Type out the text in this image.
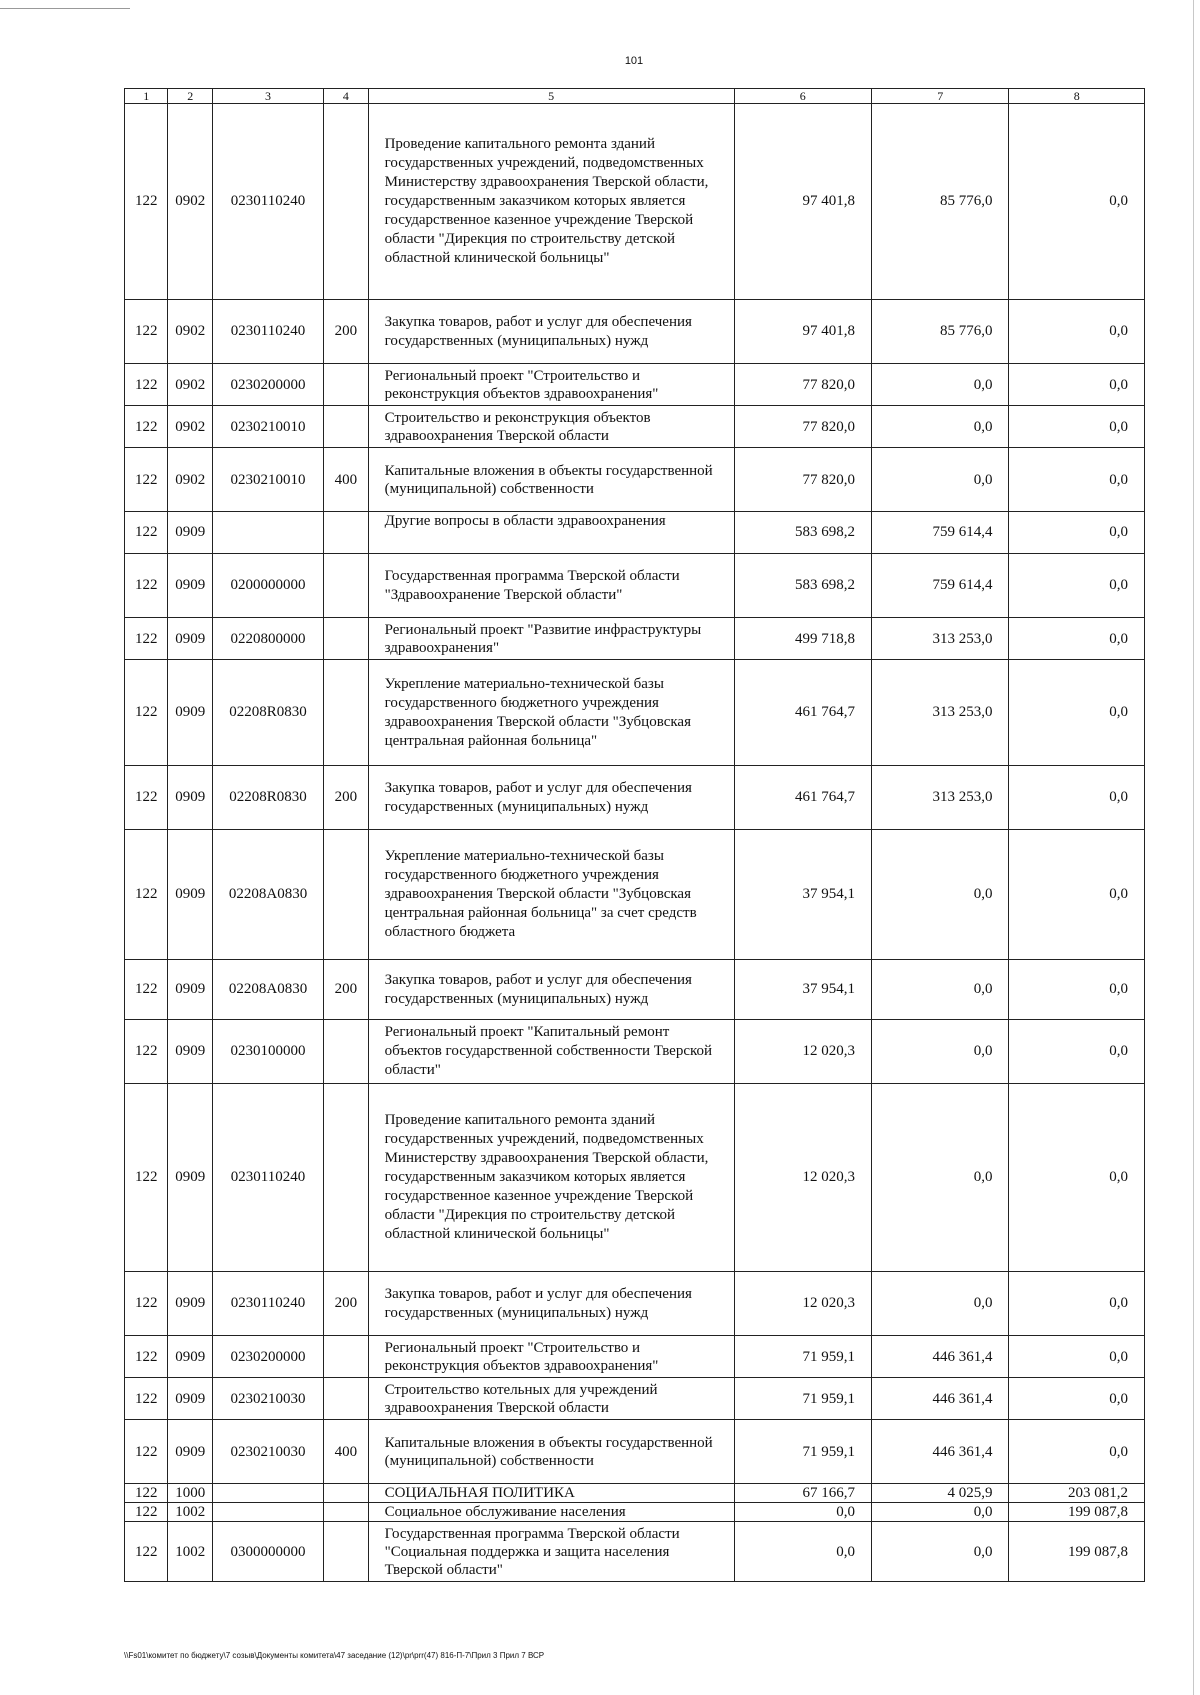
101
1	2	3	4	5	6	7	8
122	0902	0230110240		Проведение капитального ремонта зданий государственных учреждений, подведомственных Министерству здравоохранения Тверской области, государственным заказчиком которых является государственное казенное учреждение Тверской области "Дирекция по строительству детской областной клинической больницы"	97 401,8	85 776,0	0,0
122	0902	0230110240	200	Закупка товаров, работ и услуг для обеспечения государственных (муниципальных) нужд	97 401,8	85 776,0	0,0
122	0902	0230200000		Региональный проект "Строительство и реконструкция объектов здравоохранения"	77 820,0	0,0	0,0
122	0902	0230210010		Строительство и реконструкция объектов здравоохранения Тверской области	77 820,0	0,0	0,0
122	0902	0230210010	400	Капитальные вложения в объекты государственной (муниципальной) собственности	77 820,0	0,0	0,0
122	0909			Другие вопросы в области здравоохранения	583 698,2	759 614,4	0,0
122	0909	0200000000		Государственная программа Тверской области "Здравоохранение Тверской области"	583 698,2	759 614,4	0,0
122	0909	0220800000		Региональный проект "Развитие инфраструктуры здравоохранения"	499 718,8	313 253,0	0,0
122	0909	02208R0830		Укрепление материально-технической базы государственного бюджетного учреждения здравоохранения Тверской области "Зубцовская центральная районная больница"	461 764,7	313 253,0	0,0
122	0909	02208R0830	200	Закупка товаров, работ и услуг для обеспечения государственных (муниципальных) нужд	461 764,7	313 253,0	0,0
122	0909	02208A0830		Укрепление материально-технической базы государственного бюджетного учреждения здравоохранения Тверской области "Зубцовская центральная районная больница" за счет средств областного бюджета	37 954,1	0,0	0,0
122	0909	02208A0830	200	Закупка товаров, работ и услуг для обеспечения государственных (муниципальных) нужд	37 954,1	0,0	0,0
122	0909	0230100000		Региональный проект "Капитальный ремонт объектов государственной собственности Тверской области"	12 020,3	0,0	0,0
122	0909	0230110240		Проведение капитального ремонта зданий государственных учреждений, подведомственных Министерству здравоохранения Тверской области, государственным заказчиком которых является государственное казенное учреждение Тверской области "Дирекция по строительству детской областной клинической больницы"	12 020,3	0,0	0,0
122	0909	0230110240	200	Закупка товаров, работ и услуг для обеспечения государственных (муниципальных) нужд	12 020,3	0,0	0,0
122	0909	0230200000		Региональный проект "Строительство и реконструкция объектов здравоохранения"	71 959,1	446 361,4	0,0
122	0909	0230210030		Строительство котельных для учреждений здравоохранения Тверской области	71 959,1	446 361,4	0,0
122	0909	0230210030	400	Капитальные вложения в объекты государственной (муниципальной) собственности	71 959,1	446 361,4	0,0
122	1000			СОЦИАЛЬНАЯ ПОЛИТИКА	67 166,7	4 025,9	203 081,2
122	1002			Социальное обслуживание населения	0,0	0,0	199 087,8
122	1002	0300000000		Государственная программа Тверской области "Социальная поддержка и защита населения Тверской области"	0,0	0,0	199 087,8
\\Fs01\комитет по бюджету\7 созыв\Документы комитета\47 заседание (12)\pr\prr(47) 816-П-7\Прил 3 Прил 7 ВСР
